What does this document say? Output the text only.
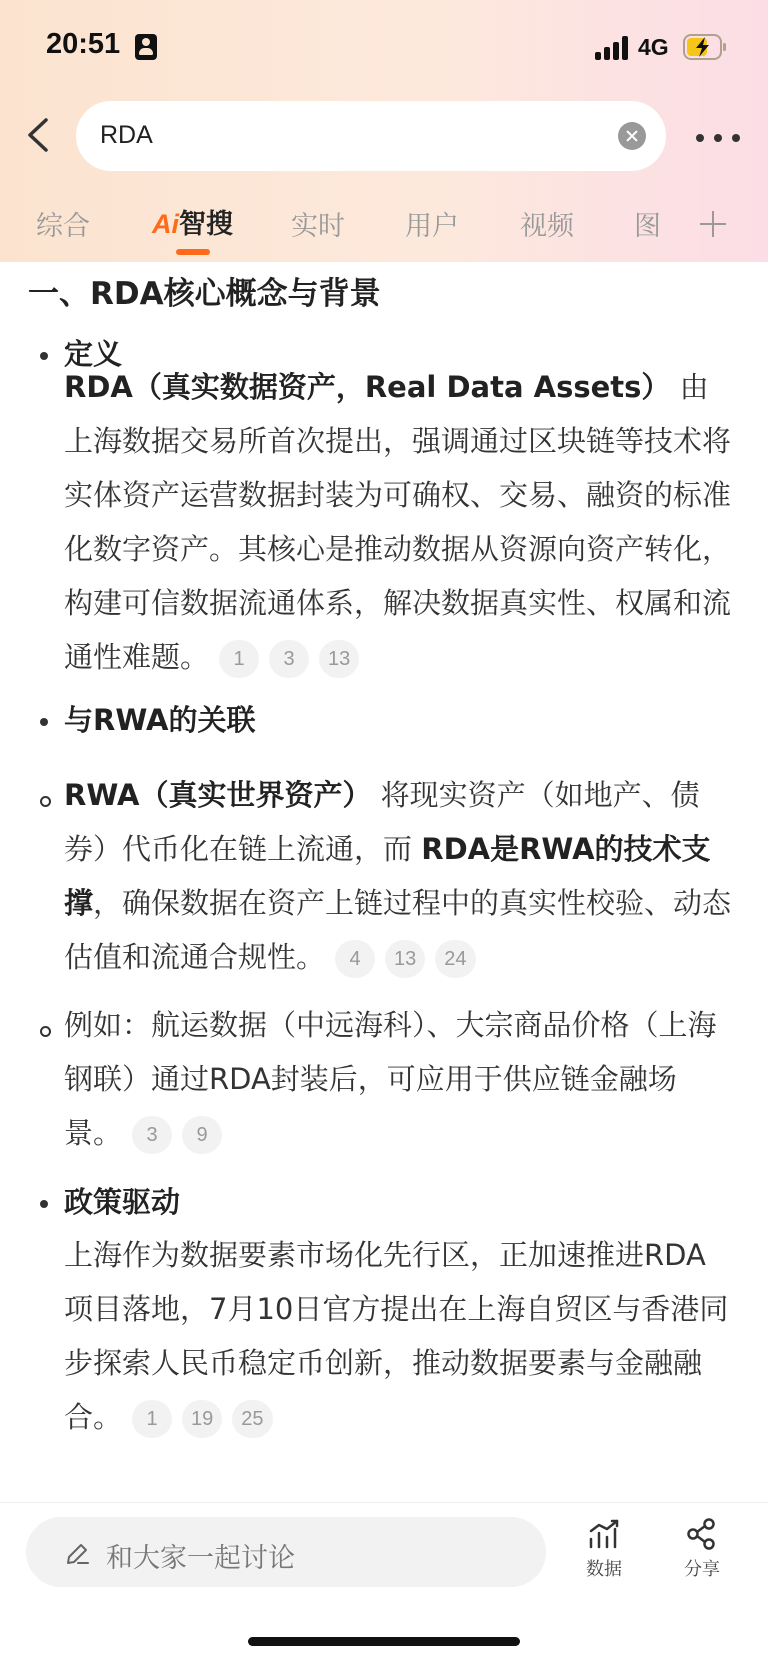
20:51	4G
RDA
综合 Ai智搜 实时 用户 视频 图
一、RDA核心概念与背景
定义
RDA（真实数据资产，Real Data Assets） 由上海数据交易所首次提出，强调通过区块链等技术将实体资产运营数据封装为可确权、交易、融资的标准化数字资产。其核心是推动数据从资源向资产转化，构建可信数据流通体系，解决数据真实性、权属和流通性难题。 1 3 13
与RWA的关联
RWA（真实世界资产） 将现实资产（如地产、债券）代币化在链上流通，而 RDA是RWA的技术支撑，确保数据在资产上链过程中的真实性校验、动态估值和流通合规性。 4 13 24
例如：航运数据（中远海科）、大宗商品价格（上海钢联）通过RDA封装后，可应用于供应链金融场景。 3 9
政策驱动
上海作为数据要素市场化先行区，正加速推进RDA项目落地，7月10日官方提出在上海自贸区与香港同步探索人民币稳定币创新，推动数据要素与金融融合。 1 19 25
和大家一起讨论	数据	分享
